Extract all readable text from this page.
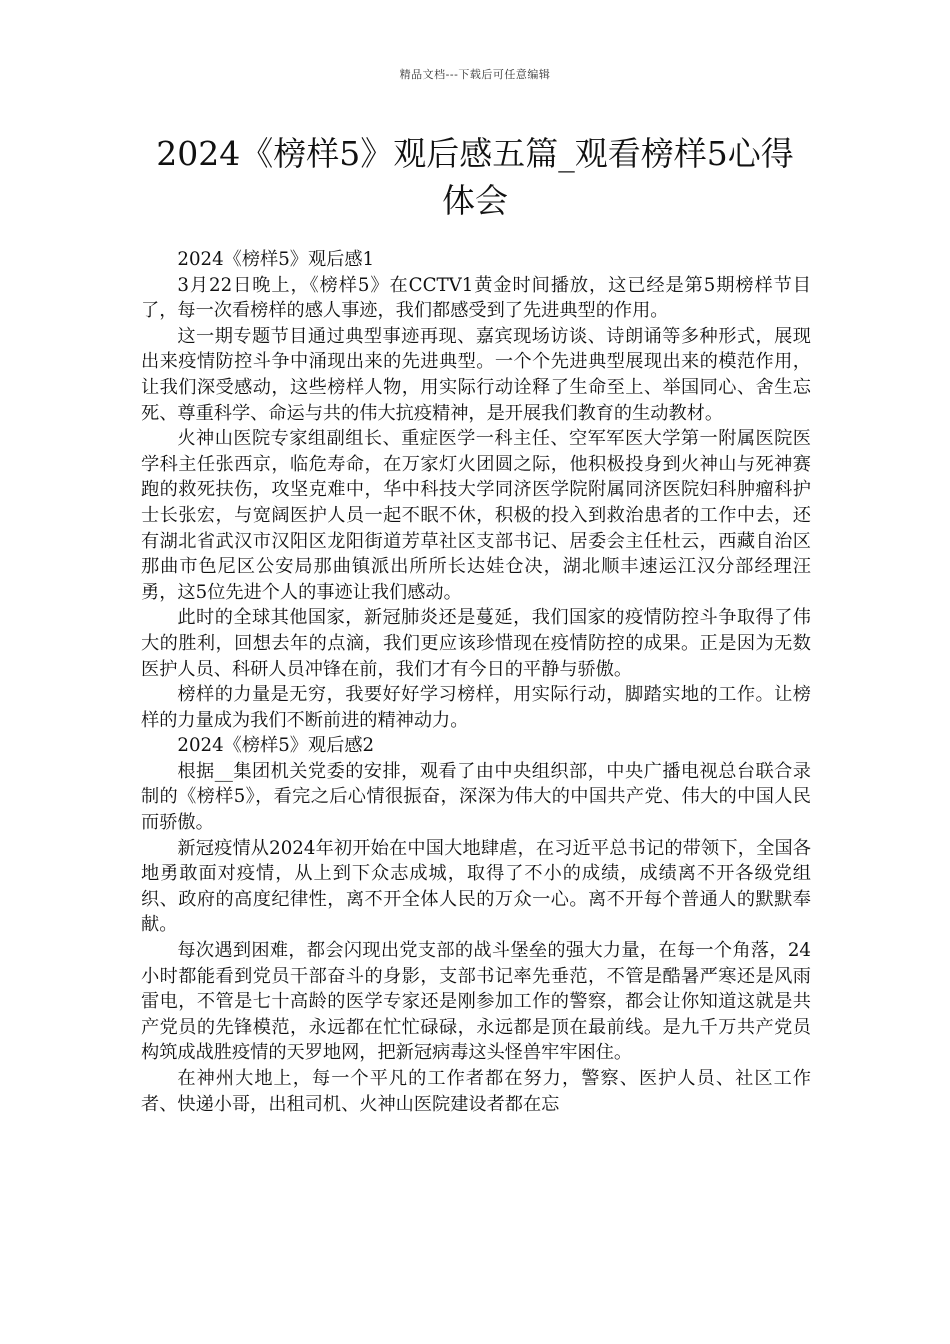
精品文档---下载后可任意编辑
2024《榜样5》观后感五篇_观看榜样5心得体会

2024《榜样5》观后感1

3月22日晚上，《榜样5》在CCTV1黄金时间播放，这已经是第5期榜样节目了，每一次看榜样的感人事迹，我们都感受到了先进典型的作用。

这一期专题节目通过典型事迹再现、嘉宾现场访谈、诗朗诵等多种形式，展现出来疫情防控斗争中涌现出来的先进典型。一个个先进典型展现出来的模范作用，让我们深受感动，这些榜样人物，用实际行动诠释了生命至上、举国同心、舍生忘死、尊重科学、命运与共的伟大抗疫精神，是开展我们教育的生动教材。

火神山医院专家组副组长、重症医学一科主任、空军军医大学第一附属医院医学科主任张西京，临危寿命，在万家灯火团圆之际，他积极投身到火神山与死神赛跑的救死扶伤，攻坚克难中，华中科技大学同济医学院附属同济医院妇科肿瘤科护士长张宏，与宽阔医护人员一起不眠不休，积极的投入到救治患者的工作中去，还有湖北省武汉市汉阳区龙阳街道芳草社区支部书记、居委会主任杜云，西藏自治区那曲市色尼区公安局那曲镇派出所所长达娃仓决，湖北顺丰速运江汉分部经理汪勇，这5位先进个人的事迹让我们感动。

此时的全球其他国家，新冠肺炎还是蔓延，我们国家的疫情防控斗争取得了伟大的胜利，回想去年的点滴，我们更应该珍惜现在疫情防控的成果。正是因为无数医护人员、科研人员冲锋在前，我们才有今日的平静与骄傲。

榜样的力量是无穷，我要好好学习榜样，用实际行动，脚踏实地的工作。让榜样的力量成为我们不断前进的精神动力。

2024《榜样5》观后感2

根据__集团机关党委的安排，观看了由中央组织部，中央广播电视总台联合录制的《榜样5》，看完之后心情很振奋，深深为伟大的中国共产党、伟大的中国人民而骄傲。

新冠疫情从2024年初开始在中国大地肆虐，在习近平总书记的带领下，全国各地勇敢面对疫情，从上到下众志成城，取得了不小的成绩，成绩离不开各级党组织、政府的高度纪律性，离不开全体人民的万众一心。离不开每个普通人的默默奉献。

每次遇到困难，都会闪现出党支部的战斗堡垒的强大力量，在每一个角落，24小时都能看到党员干部奋斗的身影，支部书记率先垂范，不管是酷暑严寒还是风雨雷电，不管是七十高龄的医学专家还是刚参加工作的警察，都会让你知道这就是共产党员的先锋模范，永远都在忙忙碌碌，永远都是顶在最前线。是九千万共产党员构筑成战胜疫情的天罗地网，把新冠病毒这头怪兽牢牢困住。

在神州大地上，每一个平凡的工作者都在努力，警察、医护人员、社区工作者、快递小哥，出租司机、火神山医院建设者都在忘
